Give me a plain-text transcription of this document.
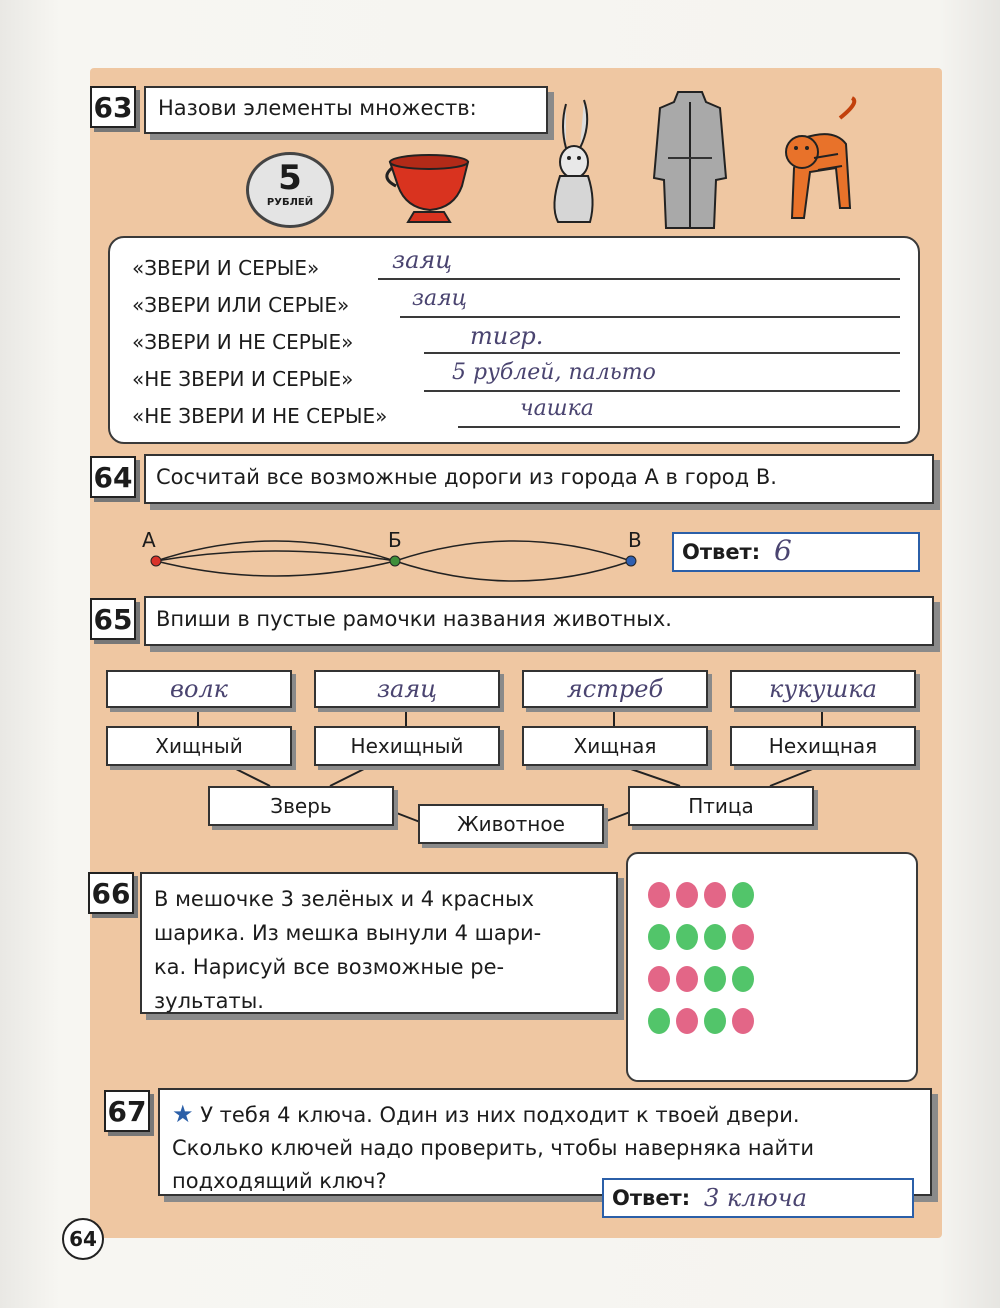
63	Назови элементы множеств:
5
РУБЛЕЙ
«ЗВЕРИ И СЕРЫЕ»	заяц
«ЗВЕРИ ИЛИ СЕРЫЕ»	заяц
«ЗВЕРИ И НЕ СЕРЫЕ»	тигр.
«НЕ ЗВЕРИ И СЕРЫЕ»	5 рублей, пальто
«НЕ ЗВЕРИ И НЕ СЕРЫЕ»	чашка
64	Сосчитай все возможные дороги из города А в город В.
А	Б	В Ответ: 6
65	Впиши в пустые рамочки названия животных.
волк	заяц	ястреб	кукушка
Хищный	Нехищный	Хищная	Нехищная
Зверь	Птица
Животное
66 В мешочке 3 зелёных и 4 красных
шарика. Из мешка вынули 4 шари-
ка. Нарисуй все возможные ре-
зультаты.
67 ★ У тебя 4 ключа. Один из них подходит к твоей двери.
Сколько ключей надо проверить, чтобы наверняка найти
подходящий ключ?
Ответ: 3 ключа
64
